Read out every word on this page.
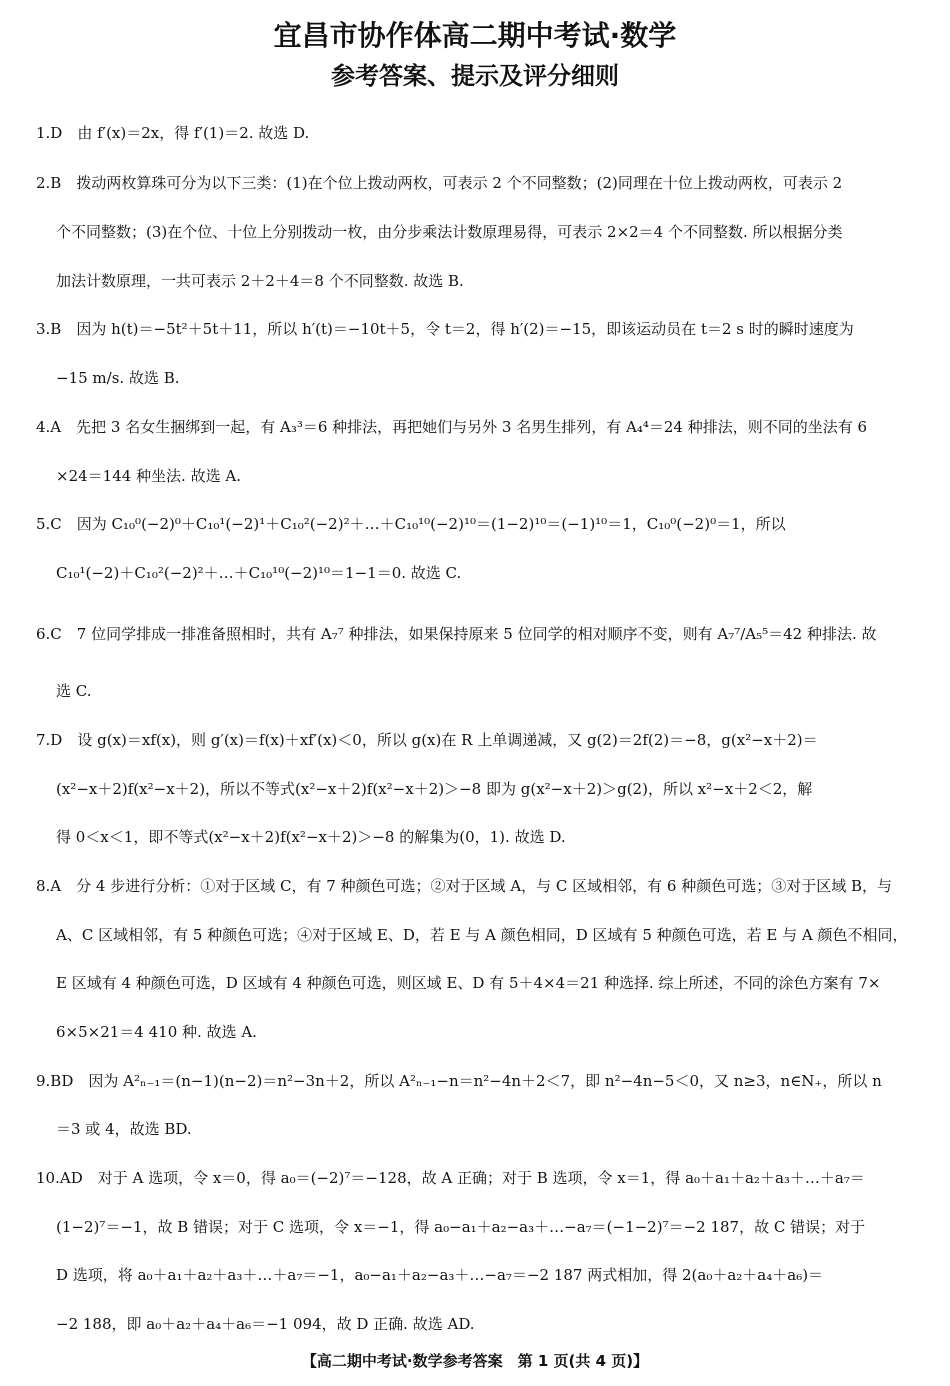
宜昌市协作体高二期中考试·数学
参考答案、提示及评分细则
1.D　由 f′(x)＝2x，得 f′(1)＝2. 故选 D.
2.B　拨动两枚算珠可分为以下三类：(1)在个位上拨动两枚，可表示 2 个不同整数；(2)同理在十位上拨动两枚，可表示 2
个不同整数；(3)在个位、十位上分别拨动一枚，由分步乘法计数原理易得，可表示 2×2＝4 个不同整数. 所以根据分类
加法计数原理，一共可表示 2＋2＋4＝8 个不同整数. 故选 B.
3.B　因为 h(t)＝−5t²＋5t＋11，所以 h′(t)＝−10t＋5，令 t＝2，得 h′(2)＝−15，即该运动员在 t＝2 s 时的瞬时速度为
−15 m/s. 故选 B.
4.A　先把 3 名女生捆绑到一起，有 A₃³＝6 种排法，再把她们与另外 3 名男生排列，有 A₄⁴＝24 种排法，则不同的坐法有 6
×24＝144 种坐法. 故选 A.
5.C　因为 C₁₀⁰(−2)⁰＋C₁₀¹(−2)¹＋C₁₀²(−2)²＋…＋C₁₀¹⁰(−2)¹⁰＝(1−2)¹⁰＝(−1)¹⁰＝1，C₁₀⁰(−2)⁰＝1，所以
C₁₀¹(−2)＋C₁₀²(−2)²＋…＋C₁₀¹⁰(−2)¹⁰＝1−1＝0. 故选 C.
6.C　7 位同学排成一排准备照相时，共有 A₇⁷ 种排法，如果保持原来 5 位同学的相对顺序不变，则有 A₇⁷/A₅⁵＝42 种排法. 故
选 C.
7.D　设 g(x)＝xf(x)，则 g′(x)＝f(x)＋xf′(x)＜0，所以 g(x)在 R 上单调递减，又 g(2)＝2f(2)＝−8，g(x²−x＋2)＝
(x²−x＋2)f(x²−x＋2)，所以不等式(x²−x＋2)f(x²−x＋2)＞−8 即为 g(x²−x＋2)＞g(2)，所以 x²−x＋2＜2，解
得 0＜x＜1，即不等式(x²−x＋2)f(x²−x＋2)＞−8 的解集为(0，1). 故选 D.
8.A　分 4 步进行分析：①对于区域 C，有 7 种颜色可选；②对于区域 A，与 C 区域相邻，有 6 种颜色可选；③对于区域 B，与
A、C 区域相邻，有 5 种颜色可选；④对于区域 E、D，若 E 与 A 颜色相同，D 区域有 5 种颜色可选，若 E 与 A 颜色不相同，
E 区域有 4 种颜色可选，D 区域有 4 种颜色可选，则区域 E、D 有 5＋4×4＝21 种选择. 综上所述，不同的涂色方案有 7×
6×5×21＝4 410 种. 故选 A.
9.BD　因为 A²ₙ₋₁＝(n−1)(n−2)＝n²−3n＋2，所以 A²ₙ₋₁−n＝n²−4n＋2＜7，即 n²−4n−5＜0，又 n≥3，n∈N₊，所以 n
＝3 或 4，故选 BD.
10.AD　对于 A 选项，令 x＝0，得 a₀＝(−2)⁷＝−128，故 A 正确；对于 B 选项，令 x＝1，得 a₀＋a₁＋a₂＋a₃＋…＋a₇＝
(1−2)⁷＝−1，故 B 错误；对于 C 选项，令 x＝−1，得 a₀−a₁＋a₂−a₃＋…−a₇＝(−1−2)⁷＝−2 187，故 C 错误；对于
D 选项，将 a₀＋a₁＋a₂＋a₃＋…＋a₇＝−1，a₀−a₁＋a₂−a₃＋…−a₇＝−2 187 两式相加，得 2(a₀＋a₂＋a₄＋a₆)＝
−2 188，即 a₀＋a₂＋a₄＋a₆＝−1 094，故 D 正确. 故选 AD.
【高二期中考试·数学参考答案　第 1 页(共 4 页)】
